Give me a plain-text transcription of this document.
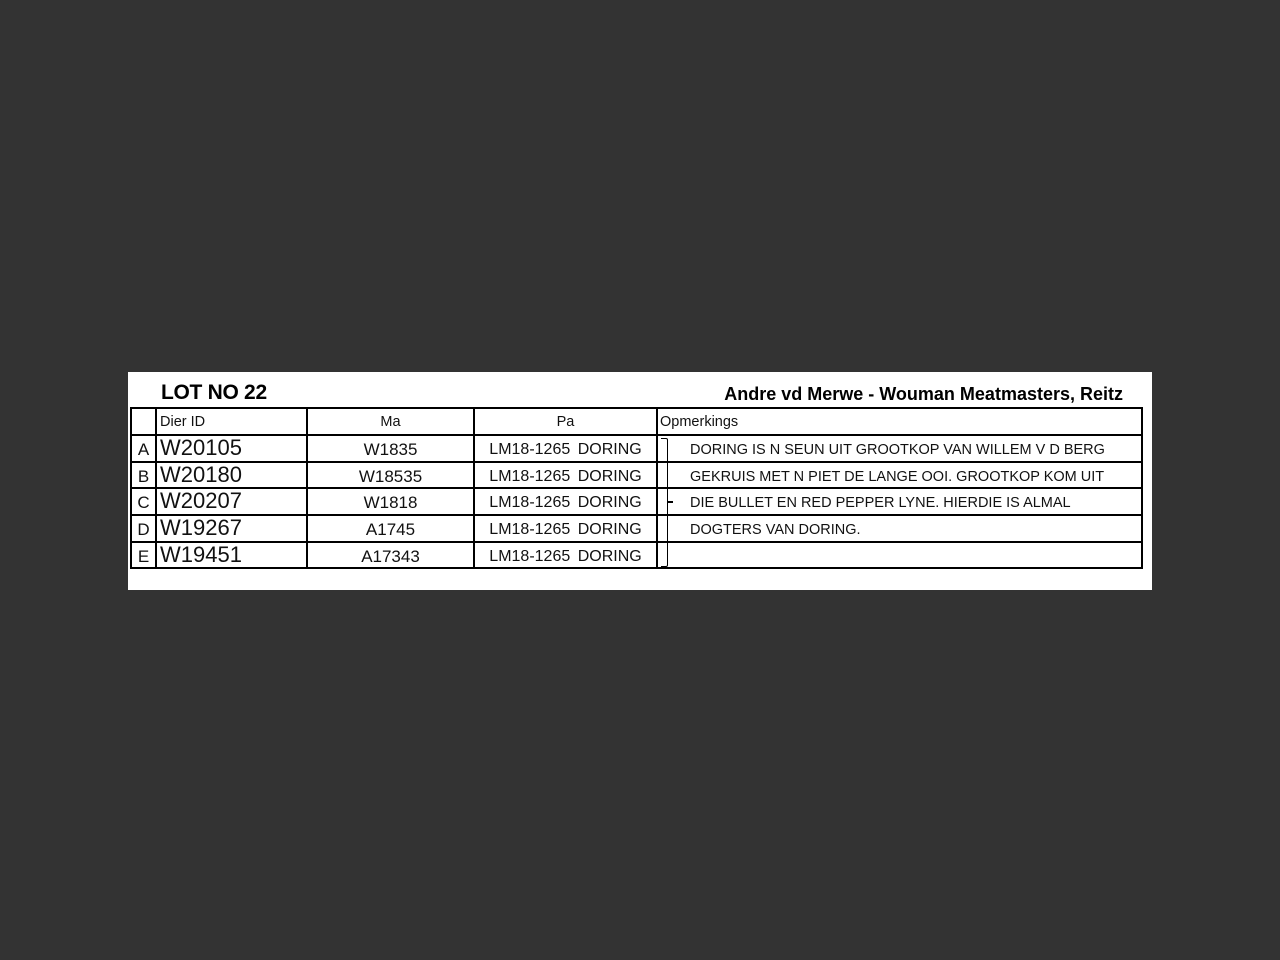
LOT NO 22	Andre vd Merwe - Wouman Meatmasters, Reitz
Dier ID	Ma	Pa	Opmerkings
A W20105	W1835	LM18-1265 DORING	DORING IS N SEUN UIT GROOTKOP VAN WILLEM V D BERG
B W20180	W18535	LM18-1265 DORING	GEKRUIS MET N PIET DE LANGE OOI. GROOTKOP KOM UIT
C W20207	W1818	LM18-1265 DORING	DIE BULLET EN RED PEPPER LYNE. HIERDIE IS ALMAL
D W19267	A1745	LM18-1265 DORING	DOGTERS VAN DORING.
E W19451	A17343	LM18-1265 DORING
